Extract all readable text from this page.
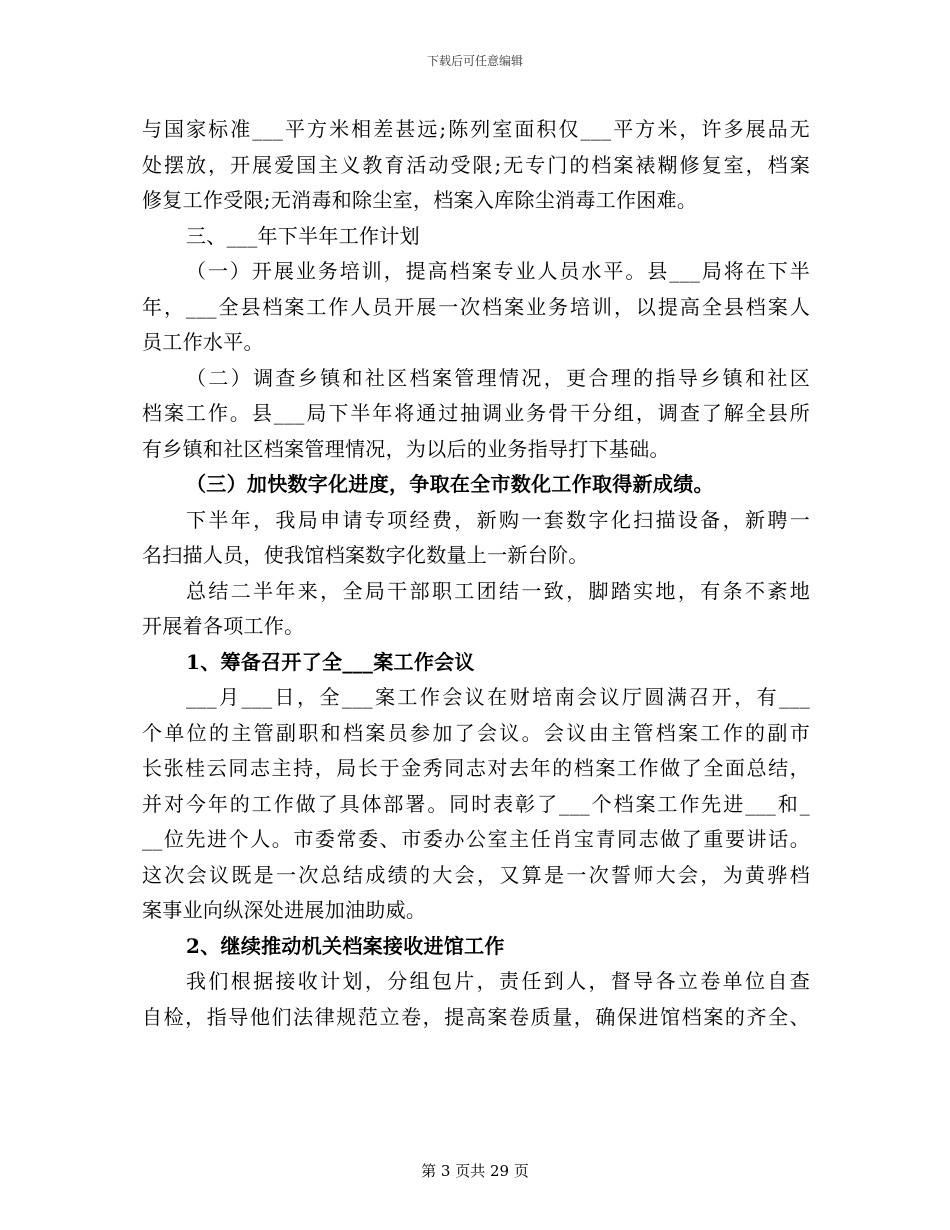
下载后可任意编辑
与国家标准___平方米相差甚远;陈列室面积仅___平方米，许多展品无
处摆放，开展爱国主义教育活动受限;无专门的档案裱糊修复室，档案
修复工作受限;无消毒和除尘室，档案入库除尘消毒工作困难。
三、___年下半年工作计划
（一）开展业务培训，提高档案专业人员水平。县___局将在下半
年，___全县档案工作人员开展一次档案业务培训，以提高全县档案人
员工作水平。
（二）调查乡镇和社区档案管理情况，更合理的指导乡镇和社区
档案工作。县___局下半年将通过抽调业务骨干分组，调查了解全县所
有乡镇和社区档案管理情况，为以后的业务指导打下基础。
（三）加快数字化进度，争取在全市数化工作取得新成绩。
下半年，我局申请专项经费，新购一套数字化扫描设备，新聘一
名扫描人员，使我馆档案数字化数量上一新台阶。
总结二半年来，全局干部职工团结一致，脚踏实地，有条不紊地
开展着各项工作。
1、筹备召开了全___案工作会议
___月___日，全___案工作会议在财培南会议厅圆满召开，有___
个单位的主管副职和档案员参加了会议。会议由主管档案工作的副市
长张桂云同志主持，局长于金秀同志对去年的档案工作做了全面总结，
并对今年的工作做了具体部署。同时表彰了___个档案工作先进___和_
__位先进个人。市委常委、市委办公室主任肖宝青同志做了重要讲话。
这次会议既是一次总结成绩的大会，又算是一次誓师大会，为黄骅档
案事业向纵深处进展加油助威。
2、继续推动机关档案接收进馆工作
我们根据接收计划，分组包片，责任到人，督导各立卷单位自查
自检，指导他们法律规范立卷，提高案卷质量，确保进馆档案的齐全、
第 3 页共 29 页
